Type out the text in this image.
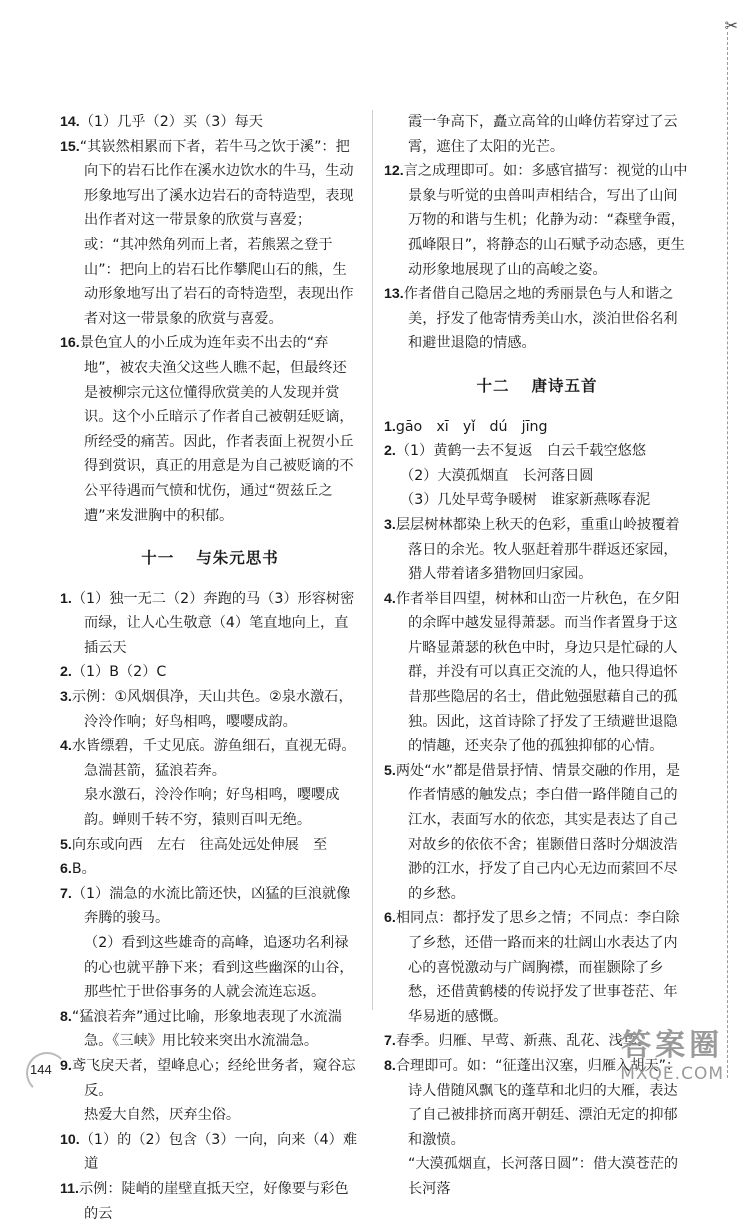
✂

14.（1）几乎（2）买（3）每天

15.“其嵚然相累而下者，若牛马之饮于溪”：把向下的岩石比作在溪水边饮水的牛马，生动形象地写出了溪水边岩石的奇特造型，表现出作者对这一带景象的欣赏与喜爱；或：“其冲然角列而上者，若熊罴之登于山”：把向上的岩石比作攀爬山石的熊，生动形象地写出了岩石的奇特造型，表现出作者对这一带景象的欣赏与喜爱。

16.景色宜人的小丘成为连年卖不出去的“弃地”，被农夫渔父这些人瞧不起，但最终还是被柳宗元这位懂得欣赏美的人发现并赏识。这个小丘暗示了作者自己被朝廷贬谪，所经受的痛苦。因此，作者表面上祝贺小丘得到赏识，真正的用意是为自己被贬谪的不公平待遇而气愤和忧伤，通过“贺兹丘之遭”来发泄胸中的积郁。

十一 与朱元思书

1.（1）独一无二（2）奔跑的马（3）形容树密而绿，让人心生敬意（4）笔直地向上，直插云天

2.（1）B（2）C

3.示例：①风烟俱净，天山共色。②泉水激石，泠泠作响；好鸟相鸣，嘤嘤成韵。

4.水皆缥碧，千丈见底。游鱼细石，直视无碍。

急湍甚箭，猛浪若奔。

泉水激石，泠泠作响；好鸟相鸣，嘤嘤成韵。蝉则千转不穷，猿则百叫无绝。

5.向东或向西　左右　往高处远处伸展　至

6.B。

7.（1）湍急的水流比箭还快，凶猛的巨浪就像奔腾的骏马。

（2）看到这些雄奇的高峰，追逐功名利禄的心也就平静下来；看到这些幽深的山谷，那些忙于世俗事务的人就会流连忘返。

8.“猛浪若奔”通过比喻，形象地表现了水流湍急。《三峡》用比较来突出水流湍急。

9.鸢飞戾天者，望峰息心；经纶世务者，窥谷忘反。

热爱大自然，厌弃尘俗。

10.（1）的（2）包含（3）一向，向来（4）难道

11.示例：陡峭的崖壁直抵天空，好像要与彩色的云

霞一争高下，矗立高耸的山峰仿若穿过了云霄，遮住了太阳的光芒。

12.言之成理即可。如：多感官描写：视觉的山中景象与听觉的虫兽叫声相结合，写出了山间万物的和谐与生机；化静为动：“森壁争霞，孤峰限日”，将静态的山石赋予动态感，更生动形象地展现了山的高峻之姿。

13.作者借自己隐居之地的秀丽景色与人和谐之美，抒发了他寄情秀美山水，淡泊世俗名利和避世退隐的情感。

十二 唐诗五首

1.gāo　xī　yǐ　dú　jīng

2.（1）黄鹤一去不复返　白云千载空悠悠

（2）大漠孤烟直　长河落日圆

（3）几处早莺争暖树　谁家新燕啄春泥

3.层层树林都染上秋天的色彩，重重山岭披覆着落日的余光。牧人驱赶着那牛群返还家园，猎人带着诸多猎物回归家园。

4.作者举目四望，树林和山峦一片秋色，在夕阳的余晖中越发显得萧瑟。而当作者置身于这片略显萧瑟的秋色中时，身边只是忙碌的人群，并没有可以真正交流的人，他只得追怀昔那些隐居的名士，借此勉强慰藉自己的孤独。因此，这首诗除了抒发了王绩避世退隐的情趣，还夹杂了他的孤独抑郁的心情。

5.两处“水”都是借景抒情、情景交融的作用，是作者情感的触发点；李白借一路伴随自己的江水，表面写水的依恋，其实是表达了自己对故乡的依依不舍；崔颢借日落时分烟波浩渺的江水，抒发了自己内心无边而萦回不尽的乡愁。

6.相同点：都抒发了思乡之情；不同点：李白除了乡愁，还借一路而来的壮阔山水表达了内心的喜悦激动与广阔胸襟，而崔颢除了乡愁，还借黄鹤楼的传说抒发了世事苍茫、年华易逝的感慨。

7.春季。归雁、早莺、新燕、乱花、浅草。

8.合理即可。如：“征蓬出汉塞，归雁入胡天”：诗人借随风飘飞的蓬草和北归的大雁，表达了自己被排挤而离开朝廷、漂泊无定的抑郁和激愤。

“大漠孤烟直，长河落日圆”：借大漠苍茫的长河落

144
答案圈
MXQE.COM
